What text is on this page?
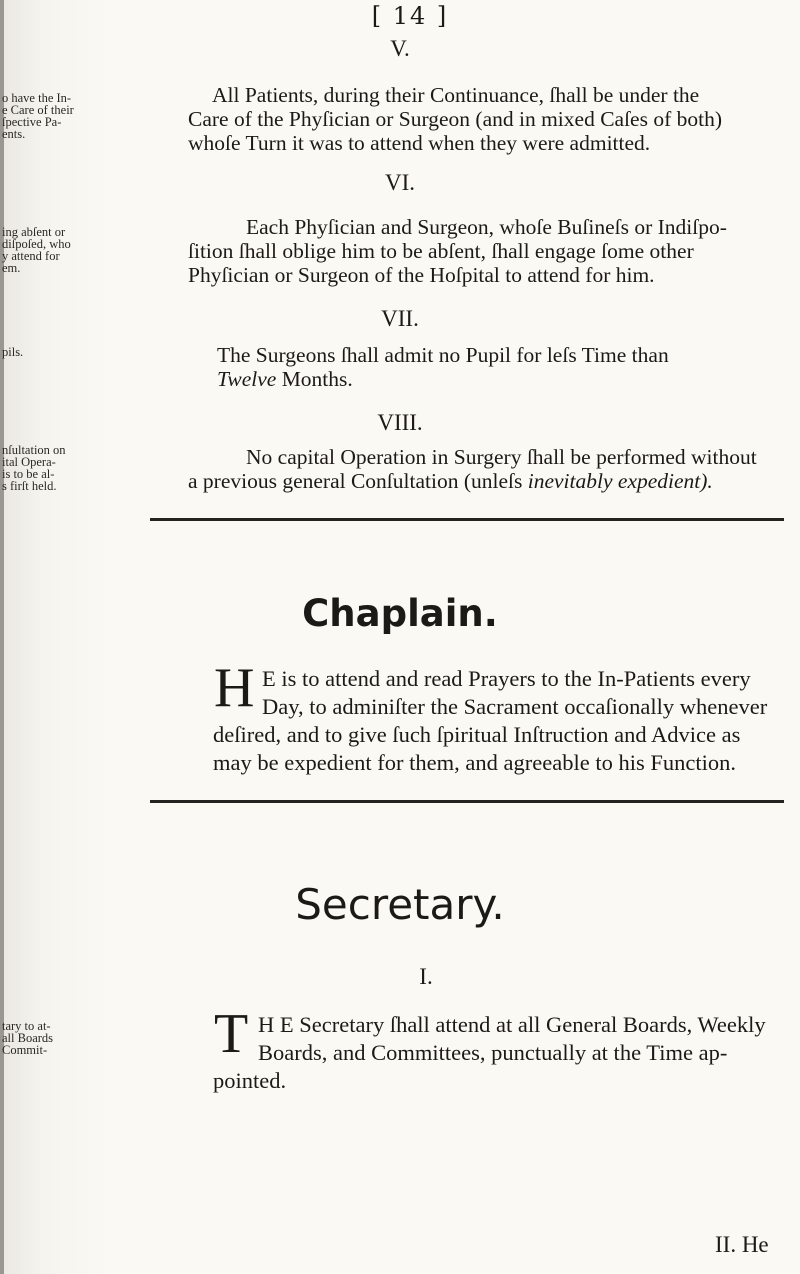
[ 14 ]
V.
o have the In-
e Care of their
ſpective Pa-
ents.
All Patients, during their Continuance, ſhall be under the
Care of the Phyſician or Surgeon (and in mixed Caſes of both)
whoſe Turn it was to attend when they were admitted.
VI.
ing abſent or
diſpoſed, who
y attend for
em.
Each Phyſician and Surgeon, whoſe Buſineſs or Indiſpo-
ſition ſhall oblige him to be abſent, ſhall engage ſome other
Phyſician or Surgeon of the Hoſpital to attend for him.
VII.
pils.	The Surgeons ſhall admit no Pupil for leſs Time than
Twelve Months.
VIII.
nſultation on
ital Opera-
is to be al-
s firſt held.
No capital Operation in Surgery ſhall be performed without
a previous general Conſultation (unleſs inevitably expedient).
Chaplain.
H E is to attend and read Prayers to the In-Patients every
Day, to adminiſter the Sacrament occaſionally whenever
deſired, and to give ſuch ſpiritual Inſtruction and Advice as
may be expedient for them, and agreeable to his Function.
Secretary.
I.
tary to at-
all Boards
Commit-	T H E Secretary ſhall attend at all General Boards, Weekly
Boards, and Committees, punctually at the Time ap-
pointed.
II. He
